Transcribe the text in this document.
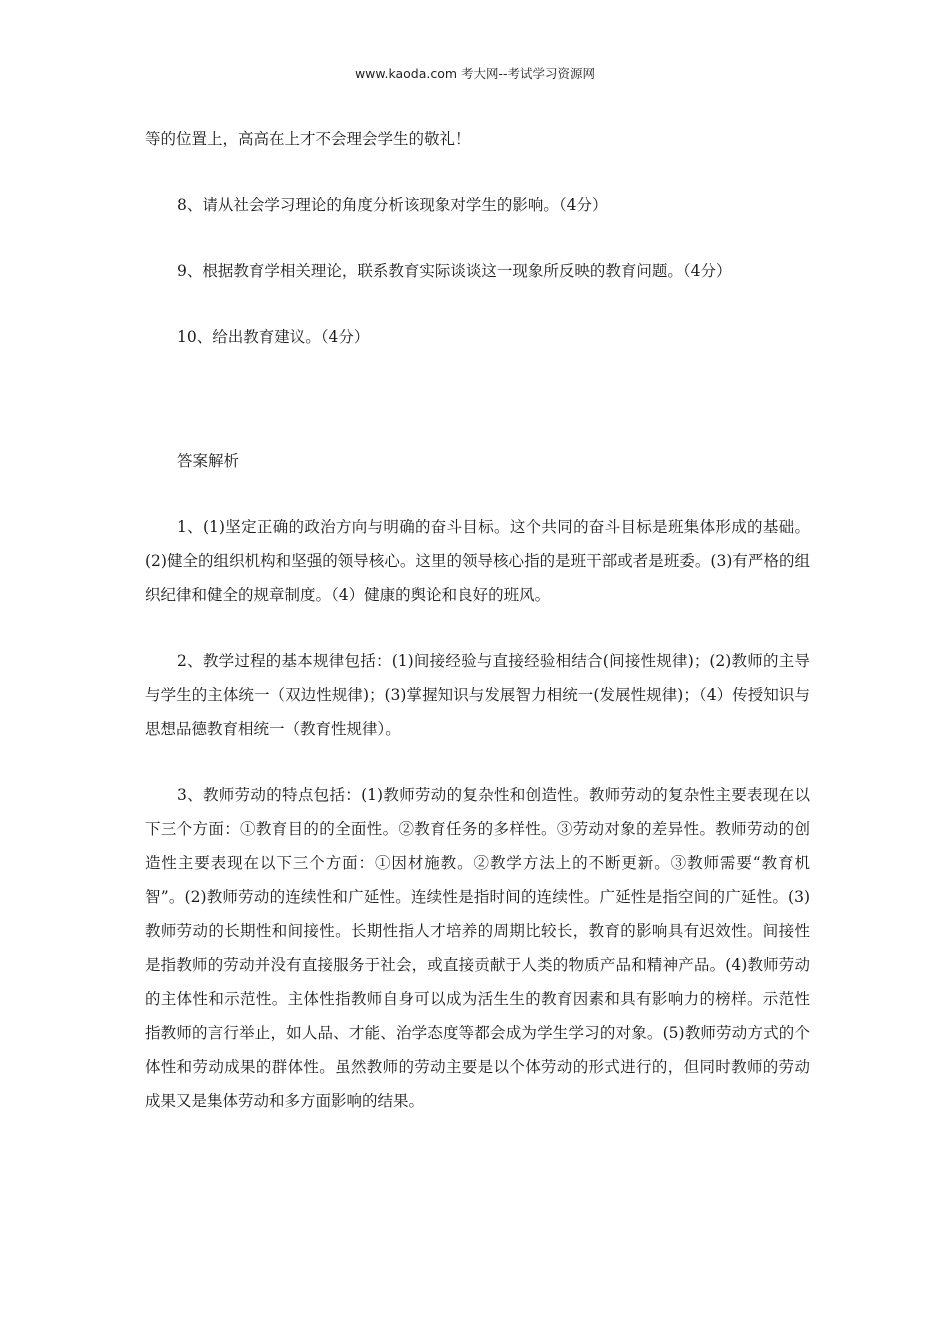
www.kaoda.com 考大网--考试学习资源网
等的位置上，高高在上才不会理会学生的敬礼！
8、请从社会学习理论的角度分析该现象对学生的影响。（4分）
9、根据教育学相关理论，联系教育实际谈谈这一现象所反映的教育问题。（4分）
10、给出教育建议。（4分）
答案解析

1、(1)坚定正确的政治方向与明确的奋斗目标。这个共同的奋斗目标是班集体形成的基础。(2)健全的组织机构和坚强的领导核心。这里的领导核心指的是班干部或者是班委。(3)有严格的组织纪律和健全的规章制度。（4）健康的舆论和良好的班风。

2、教学过程的基本规律包括：(1)间接经验与直接经验相结合(间接性规律)；(2)教师的主导与学生的主体统一（双边性规律)；(3)掌握知识与发展智力相统一(发展性规律)；（4）传授知识与思想品德教育相统一（教育性规律）。

3、教师劳动的特点包括：(1)教师劳动的复杂性和创造性。教师劳动的复杂性主要表现在以下三个方面：①教育目的的全面性。②教育任务的多样性。③劳动对象的差异性。教师劳动的创造性主要表现在以下三个方面：①因材施教。②教学方法上的不断更新。③教师需要“教育机智”。(2)教师劳动的连续性和广延性。连续性是指时间的连续性。广延性是指空间的广延性。(3)教师劳动的长期性和间接性。长期性指人才培养的周期比较长，教育的影响具有迟效性。间接性是指教师的劳动并没有直接服务于社会，或直接贡献于人类的物质产品和精神产品。(4)教师劳动的主体性和示范性。主体性指教师自身可以成为活生生的教育因素和具有影响力的榜样。示范性指教师的言行举止，如人品、才能、治学态度等都会成为学生学习的对象。(5)教师劳动方式的个体性和劳动成果的群体性。虽然教师的劳动主要是以个体劳动的形式进行的，但同时教师的劳动成果又是集体劳动和多方面影响的结果。
